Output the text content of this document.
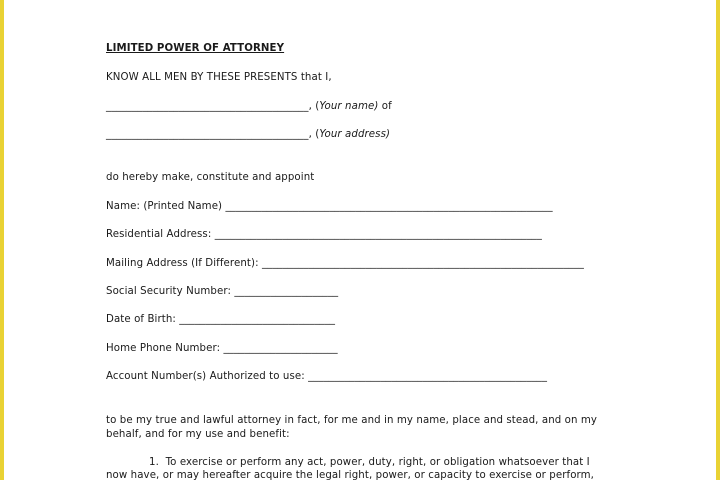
LIMITED POWER OF ATTORNEY
KNOW ALL MEN BY THESE PRESENTS that I,
_______________________________________, (Your name) of
_______________________________________, (Your address)
do hereby make, constitute and appoint
Name: (Printed Name) _______________________________________________________________
Residential Address: _______________________________________________________________
Mailing Address (If Different): ______________________________________________________________
Social Security Number: ____________________
Date of Birth: ______________________________
Home Phone Number: ______________________
Account Number(s) Authorized to use: ______________________________________________
to be my true and lawful attorney in fact, for me and in my name, place and stead, and on my behalf, and for my use and benefit:
1.  To exercise or perform any act, power, duty, right, or obligation whatsoever that I
now have, or may hereafter acquire the legal right, power, or capacity to exercise or perform,
